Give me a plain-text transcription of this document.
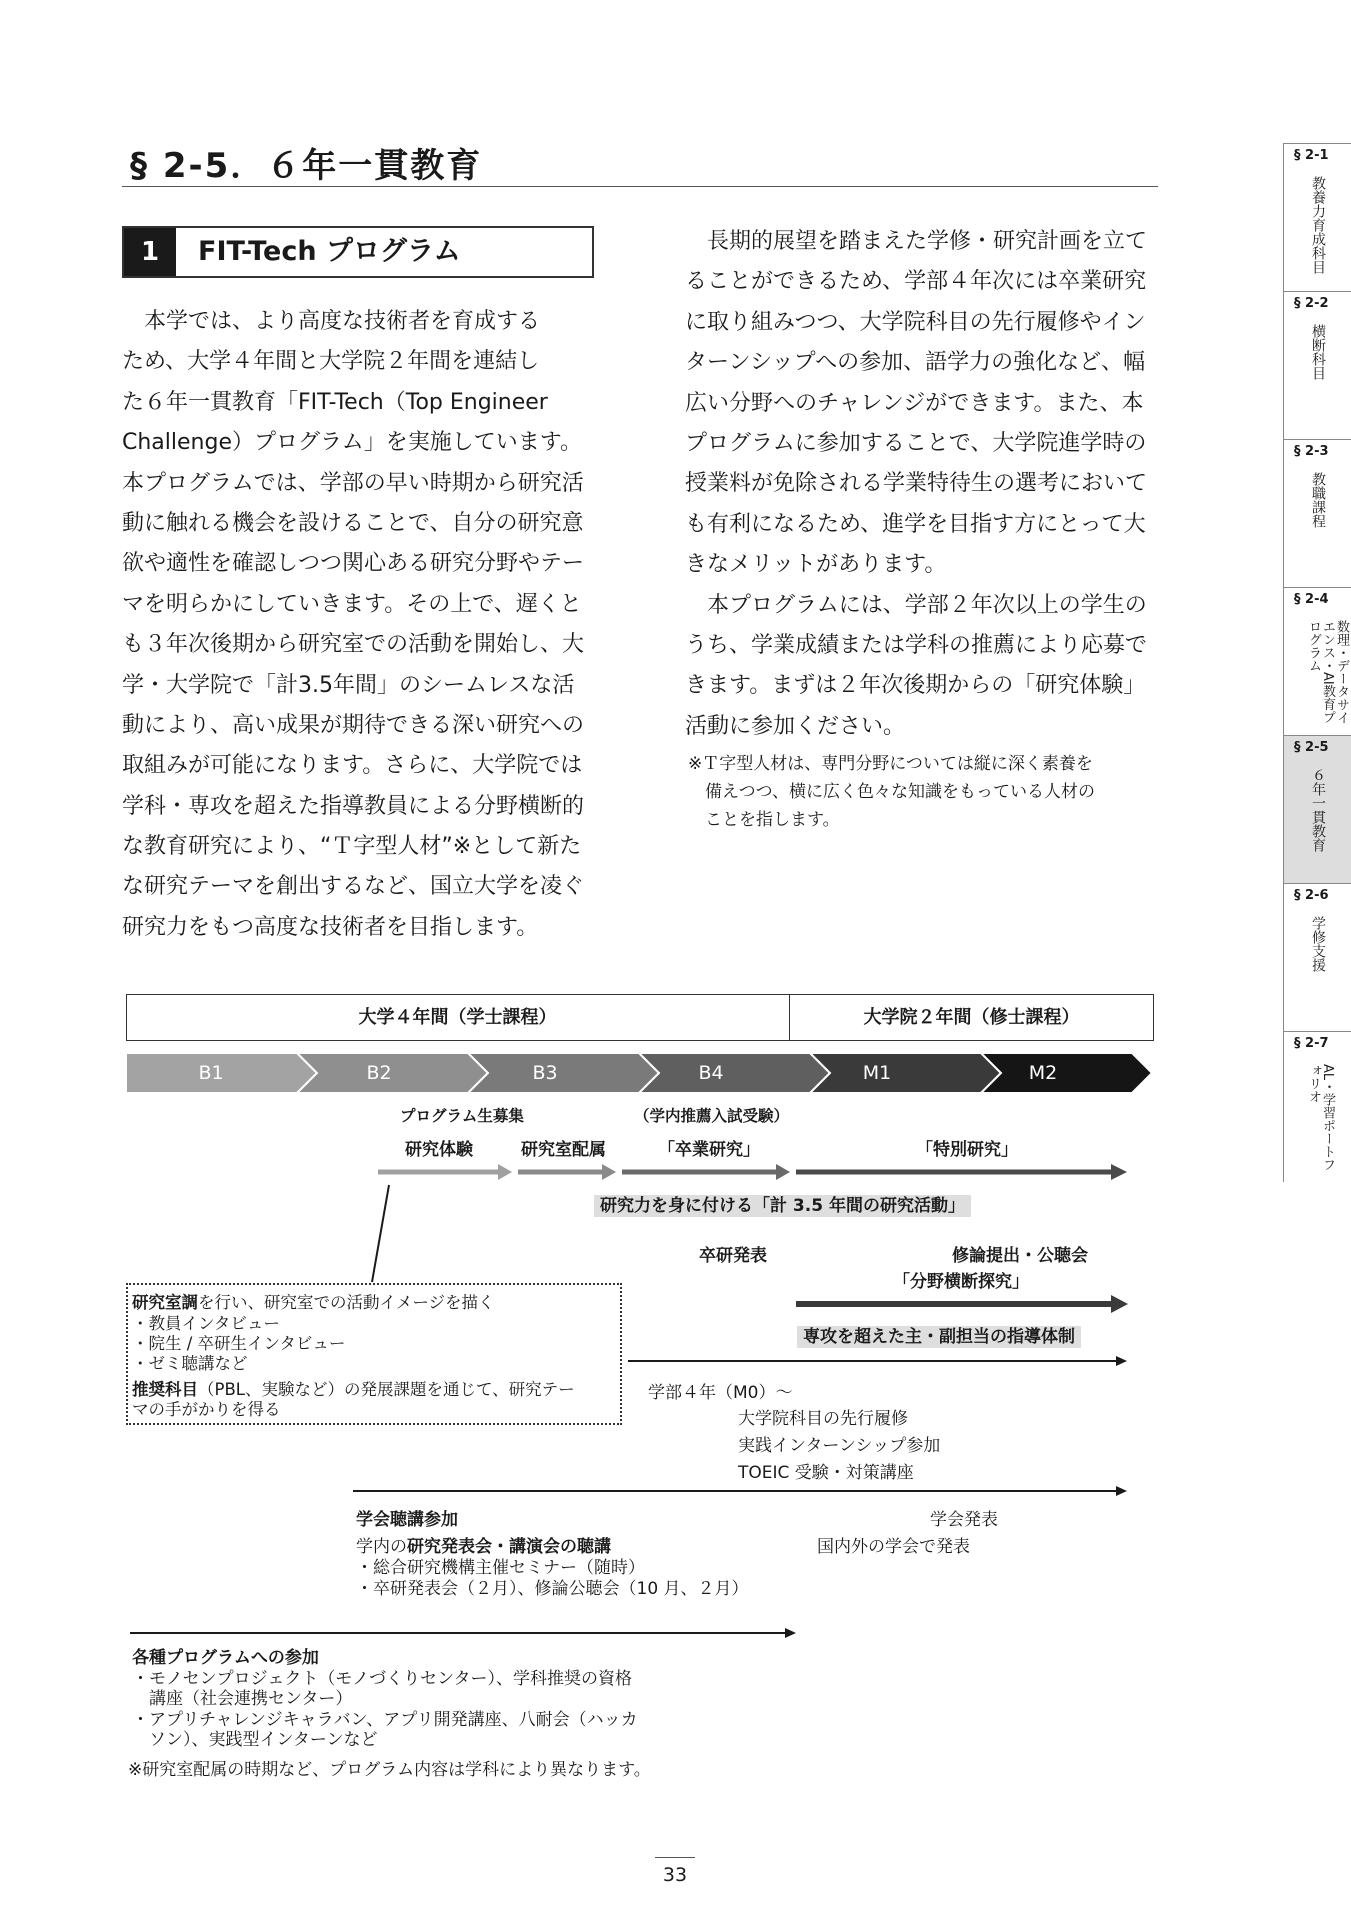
§ 2-5．６年一貫教育
1	FIT-Tech プログラム
　本学では、より高度な技術者を育成する
ため、大学４年間と大学院２年間を連結し
た６年一貫教育「FIT-Tech（Top Engineer
Challenge）プログラム」を実施しています。
本プログラムでは、学部の早い時期から研究活
動に触れる機会を設けることで、自分の研究意
欲や適性を確認しつつ関心ある研究分野やテー
マを明らかにしていきます。その上で、遅くと
も３年次後期から研究室での活動を開始し、大
学・大学院で「計3.5年間」のシームレスな活
動により、高い成果が期待できる深い研究への
取組みが可能になります。さらに、大学院では
学科・専攻を超えた指導教員による分野横断的
な教育研究により、“Ｔ字型人材”※として新た
な研究テーマを創出するなど、国立大学を凌ぐ
研究力をもつ高度な技術者を目指します。
　長期的展望を踏まえた学修・研究計画を立て
ることができるため、学部４年次には卒業研究
に取り組みつつ、大学院科目の先行履修やイン
ターンシップへの参加、語学力の強化など、幅
広い分野へのチャレンジができます。また、本
プログラムに参加することで、大学院進学時の
授業料が免除される学業特待生の選考において
も有利になるため、進学を目指す方にとって大
きなメリットがあります。
　本プログラムには、学部２年次以上の学生の
うち、学業成績または学科の推薦により応募で
きます。まずは２年次後期からの「研究体験」
活動に参加ください。
※Ｔ字型人材は、専門分野については縦に深く素養を
　備えつつ、横に広く色々な知識をもっている人材の
　ことを指します。
§ 2-1
教養力育成科目
§ 2-2
横断科目
§ 2-3
教職課程
§ 2-4
数理・データサイエンス・AI教育プログラム
§ 2-5
６年一貫教育
§ 2-6
学修支援
§ 2-7
AL・学習ポートフォリオ
大学４年間（学士課程）	大学院２年間（修士課程）
B1	B2	B3	B4	M1	M2
プログラム生募集	（学内推薦入試受験）
研究体験	研究室配属	「卒業研究」	「特別研究」
研究力を身に付ける「計 3.5 年間の研究活動」
卒研発表	修論提出・公聴会
「分野横断探究」
専攻を超えた主・副担当の指導体制
研究室調を行い、研究室での活動イメージを描く
・教員インタビュー
・院生 / 卒研生インタビュー
・ゼミ聴講など
推奨科目（PBL、実験など）の発展課題を通じて、研究テー
マの手がかりを得る
学部４年（M0）～
大学院科目の先行履修
実践インターンシップ参加
TOEIC 受験・対策講座
学会聴講参加
学内の研究発表会・講演会の聴講
・総合研究機構主催セミナー（随時）
・卒研発表会（２月）、修論公聴会（10 月、２月）
学会発表
国内外の学会で発表
各種プログラムへの参加
・モノセンプロジェクト（モノづくりセンター）、学科推奨の資格
　講座（社会連携センター）
・アプリチャレンジキャラバン、アプリ開発講座、八耐会（ハッカ
　ソン）、実践型インターンなど
※研究室配属の時期など、プログラム内容は学科により異なります。
33
